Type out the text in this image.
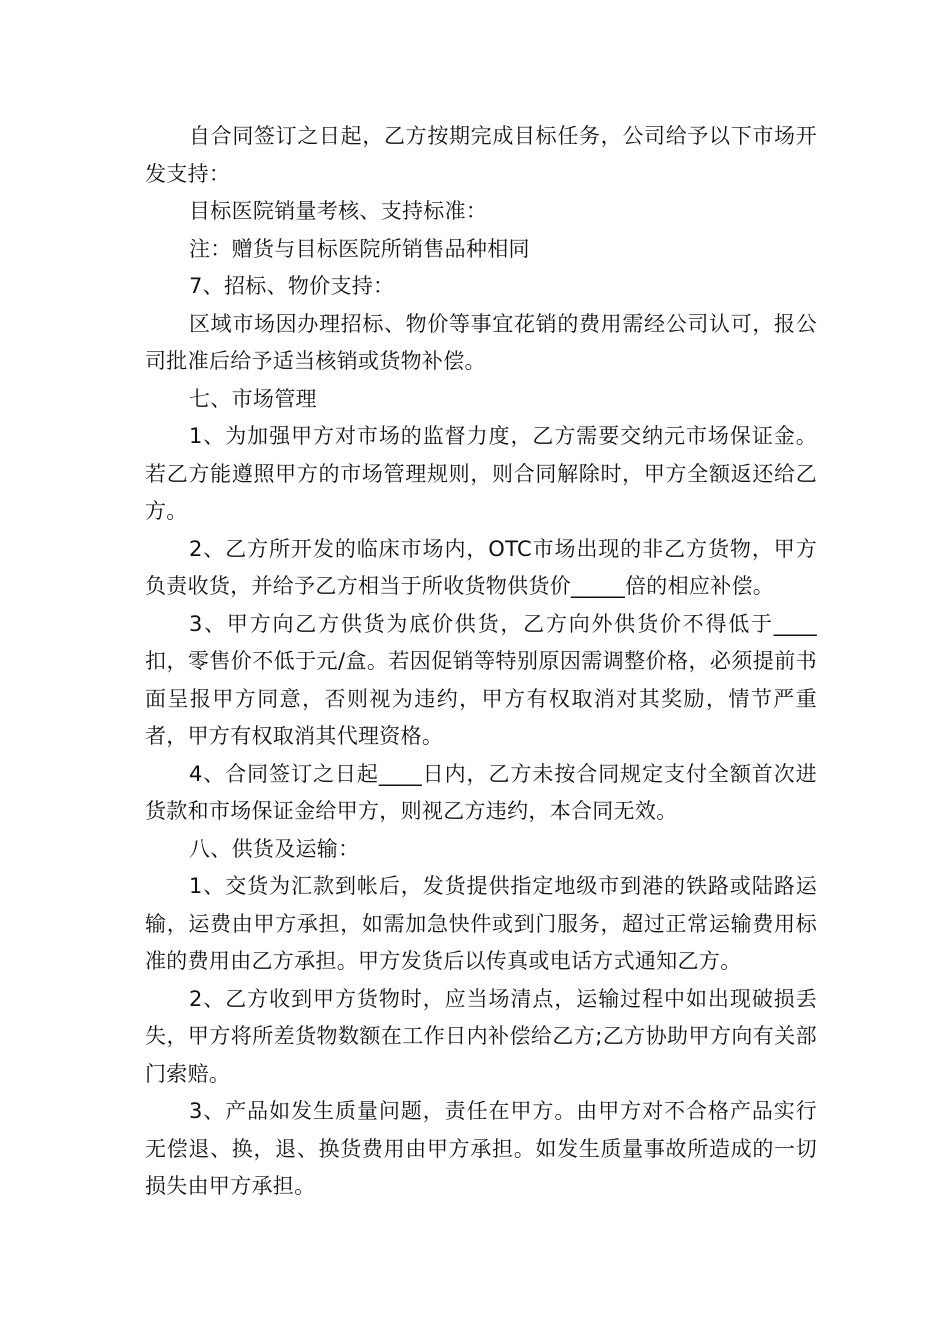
自合同签订之日起，乙方按期完成目标任务，公司给予以下市场开发支持：

目标医院销量考核、支持标准：

注：赠货与目标医院所销售品种相同

7、招标、物价支持：

区域市场因办理招标、物价等事宜花销的费用需经公司认可，报公司批准后给予适当核销或货物补偿。

七、市场管理

1、为加强甲方对市场的监督力度，乙方需要交纳元市场保证金。若乙方能遵照甲方的市场管理规则，则合同解除时，甲方全额返还给乙方。

2、乙方所开发的临床市场内，OTC市场出现的非乙方货物，甲方负责收货，并给予乙方相当于所收货物供货价_____倍的相应补偿。

3、甲方向乙方供货为底价供货，乙方向外供货价不得低于____扣，零售价不低于元/盒。若因促销等特别原因需调整价格，必须提前书面呈报甲方同意，否则视为违约，甲方有权取消对其奖励，情节严重者，甲方有权取消其代理资格。

4、合同签订之日起____日内，乙方未按合同规定支付全额首次进货款和市场保证金给甲方，则视乙方违约，本合同无效。

八、供货及运输：

1、交货为汇款到帐后，发货提供指定地级市到港的铁路或陆路运输，运费由甲方承担，如需加急快件或到门服务，超过正常运输费用标准的费用由乙方承担。甲方发货后以传真或电话方式通知乙方。

2、乙方收到甲方货物时，应当场清点，运输过程中如出现破损丢失，甲方将所差货物数额在工作日内补偿给乙方;乙方协助甲方向有关部门索赔。

3、产品如发生质量问题，责任在甲方。由甲方对不合格产品实行无偿退、换，退、换货费用由甲方承担。如发生质量事故所造成的一切损失由甲方承担。
